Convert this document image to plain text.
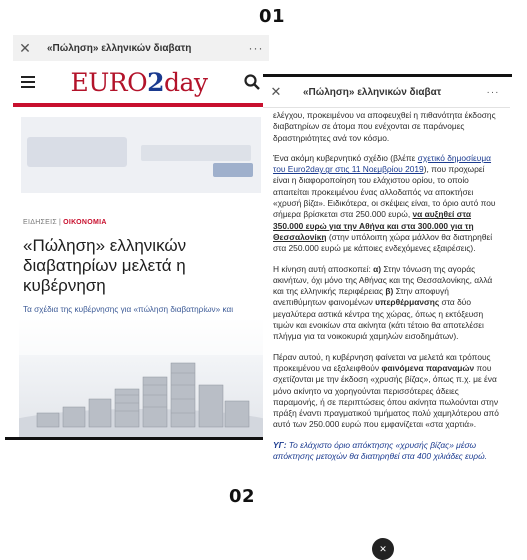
01
02
✕	«Πώληση» ελληνικών διαβατη	···
EURO2day
ΕΙΔΗΣΕΙΣ | ΟΙΚΟΝΟΜΙΑ
«Πώληση» ελληνικών διαβατηρίων μελετά η κυβέρνηση
Τα σχέδια της κυβέρνησης για «πώληση διαβατηρίων» και
✕	«Πώληση» ελληνικών διαβατ	···

ελέγχου, προκειμένου να αποφευχθεί η πιθανότητα έκδοσης διαβατηρίων σε άτομα που ενέχονται σε παράνομες δραστηριότητες ανά τον κόσμο.

Ένα ακόμη κυβερνητικό σχέδιο (βλέπε σχετικό δημοσίευμα του Euro2day.gr στις 11 Νοεμβρίου 2019), που προχωρεί είναι η διαφοροποίηση του ελάχιστου ορίου, το οποίο απαιτείται προκειμένου ένας αλλοδαπός να αποκτήσει «χρυσή βίζα». Ειδικότερα, οι σκέψεις είναι, το όριο αυτό που σήμερα βρίσκεται στα 250.000 ευρώ, να αυξηθεί στα 350.000 ευρώ για την Αθήνα και στα 300.000 για τη Θεσσαλονίκη (στην υπόλοιπη χώρα μάλλον θα διατηρηθεί στα 250.000 ευρώ με κάποιες ενδεχόμενες εξαιρέσεις).

Η κίνηση αυτή αποσκοπεί: α) Στην τόνωση της αγοράς ακινήτων, όχι μόνο της Αθήνας και της Θεσσαλονίκης, αλλά και της ελληνικής περιφέρειας β) Στην αποφυγή ανεπιθύμητων φαινομένων υπερθέρμανσης στα δύο μεγαλύτερα αστικά κέντρα της χώρας, όπως η εκτόξευση τιμών και ενοικίων στα ακίνητα (κάτι τέτοιο θα αποτελέσει πλήγμα για τα νοικοκυριά χαμηλών εισοδημάτων).

Πέραν αυτού, η κυβέρνηση φαίνεται να μελετά και τρόπους προκειμένου να εξαλειφθούν φαινόμενα παραναμών που σχετίζονται με την έκδοση «χρυσής βίζας», όπως π.χ. με ένα μόνο ακίνητο να χορηγούνται περισσότερες άδειες παραμονής, ή σε περιπτώσεις όπου ακίνητα πωλούνται στην πράξη έναντι πραγματικού τιμήματος πολύ χαμηλότερου από αυτό των 250.000 ευρώ που εμφανίζεται «στα χαρτιά».

ΥΓ: Το ελάχιστο όριο απόκτησης «χρυσής βίζας» μέσω απόκτησης μετοχών θα διατηρηθεί στα 400 χιλιάδες ευρώ.

✕
